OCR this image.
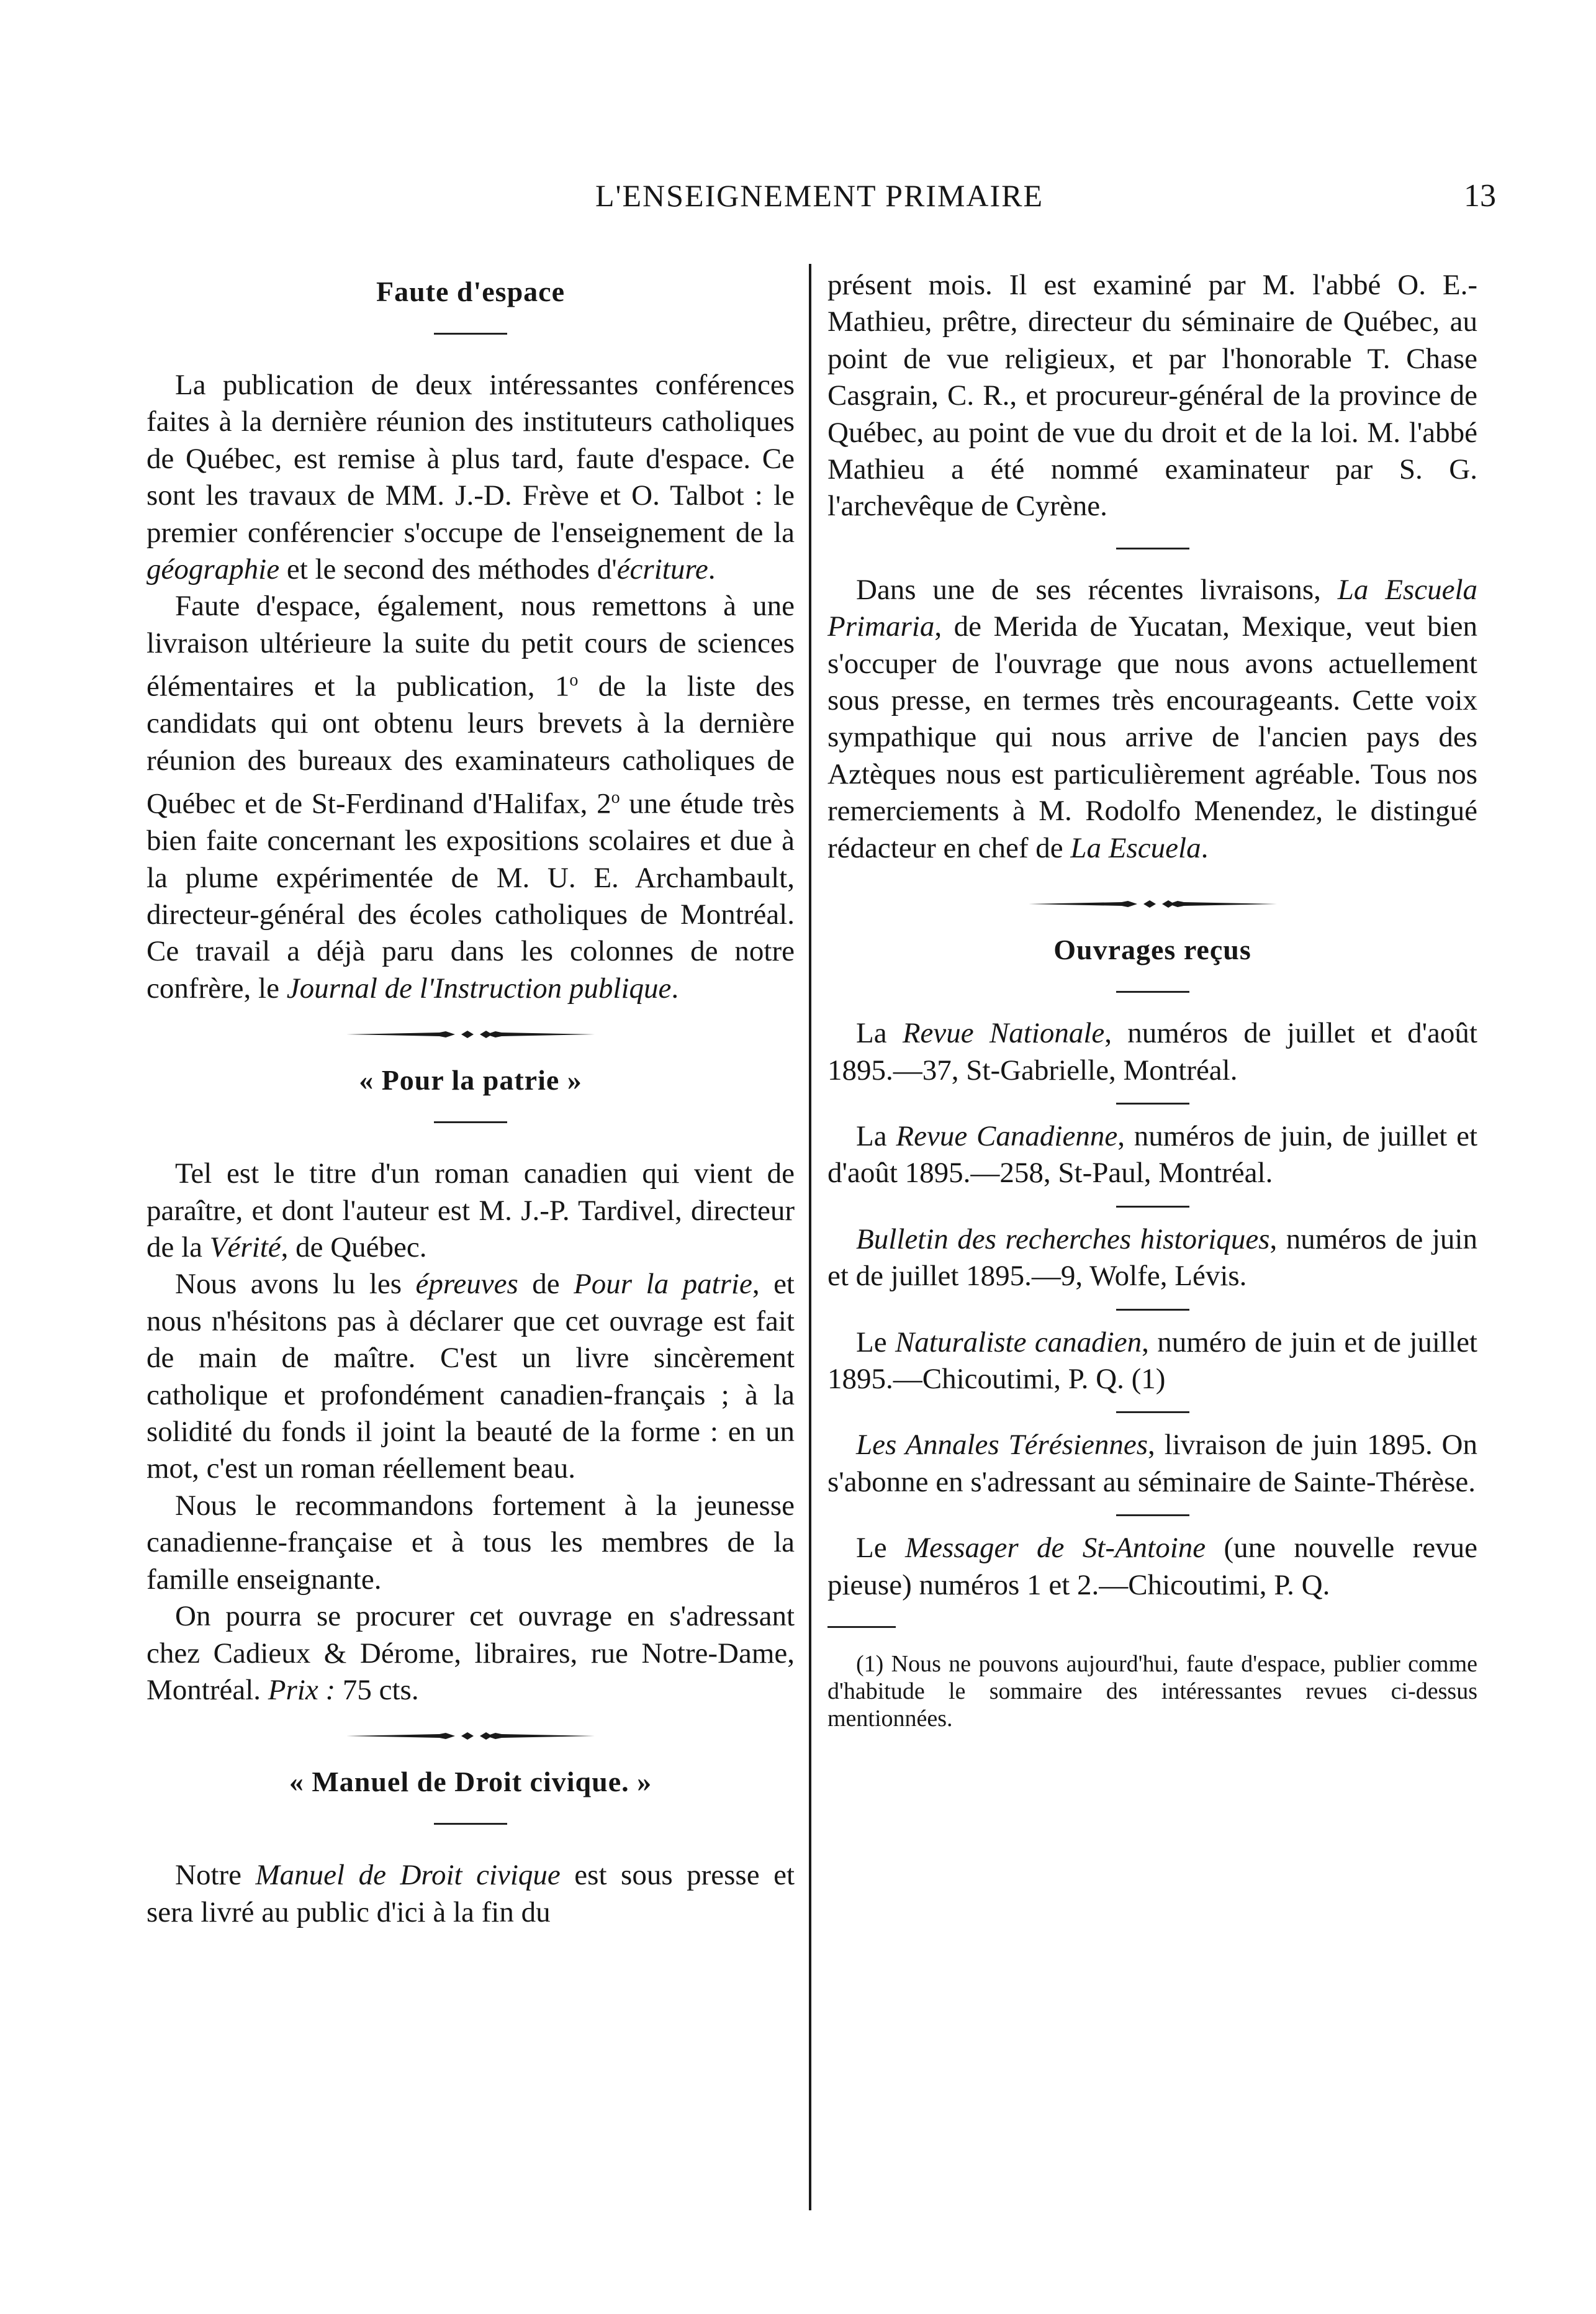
L'ENSEIGNEMENT PRIMAIRE	13
Faute d'espace

La publication de deux intéressantes conférences faites à la dernière réunion des instituteurs catholiques de Québec, est remise à plus tard, faute d'espace. Ce sont les travaux de MM. J.-D. Frève et O. Talbot : le premier conférencier s'occupe de l'enseignement de la géographie et le second des méthodes d'écriture.

Faute d'espace, également, nous remettons à une livraison ultérieure la suite du petit cours de sciences élémentaires et la publication, 1$^o$ de la liste des candidats qui ont obtenu leurs brevets à la dernière réunion des bureaux des examinateurs catholiques de Québec et de St-Ferdinand d'Halifax, 2$^o$ une étude très bien faite concernant les expositions scolaires et due à la plume expérimentée de M. U. E. Archambault, directeur-général des écoles catholiques de Montréal. Ce travail a déjà paru dans les colonnes de notre confrère, le Journal de l'Instruction publique.

« Pour la patrie »

Tel est le titre d'un roman canadien qui vient de paraître, et dont l'auteur est M. J.-P. Tardivel, directeur de la Vérité, de Québec.

Nous avons lu les épreuves de Pour la patrie, et nous n'hésitons pas à déclarer que cet ouvrage est fait de main de maître. C'est un livre sincèrement catholique et profondément canadien-français ; à la solidité du fonds il joint la beauté de la forme : en un mot, c'est un roman réellement beau.

Nous le recommandons fortement à la jeunesse canadienne-française et à tous les membres de la famille enseignante.

On pourra se procurer cet ouvrage en s'adressant chez Cadieux & Dérome, libraires, rue Notre-Dame, Montréal. Prix : 75 cts.

« Manuel de Droit civique. »

Notre Manuel de Droit civique est sous presse et sera livré au public d'ici à la fin du

présent mois. Il est examiné par M. l'abbé O. E.-Mathieu, prêtre, directeur du séminaire de Québec, au point de vue religieux, et par l'honorable T. Chase Casgrain, C. R., et procureur-général de la province de Québec, au point de vue du droit et de la loi. M. l'abbé Mathieu a été nommé examinateur par S. G. l'archevêque de Cyrène.

Dans une de ses récentes livraisons, La Escuela Primaria, de Merida de Yucatan, Mexique, veut bien s'occuper de l'ouvrage que nous avons actuellement sous presse, en termes très encourageants. Cette voix sympathique qui nous arrive de l'ancien pays des Aztèques nous est particulièrement agréable. Tous nos remerciements à M. Rodolfo Menendez, le distingué rédacteur en chef de La Escuela.

Ouvrages reçus

La Revue Nationale, numéros de juillet et d'août 1895.—37, St-Gabrielle, Montréal.

La Revue Canadienne, numéros de juin, de juillet et d'août 1895.—258, St-Paul, Montréal.

Bulletin des recherches historiques, numéros de juin et de juillet 1895.—9, Wolfe, Lévis.

Le Naturaliste canadien, numéro de juin et de juillet 1895.—Chicoutimi, P. Q. (1)

Les Annales Térésiennes, livraison de juin 1895. On s'abonne en s'adressant au séminaire de Sainte-Thérèse.

Le Messager de St-Antoine (une nouvelle revue pieuse) numéros 1 et 2.—Chicoutimi, P. Q.

(1) Nous ne pouvons aujourd'hui, faute d'espace, publier comme d'habitude le sommaire des intéressantes revues ci-dessus mentionnées.
